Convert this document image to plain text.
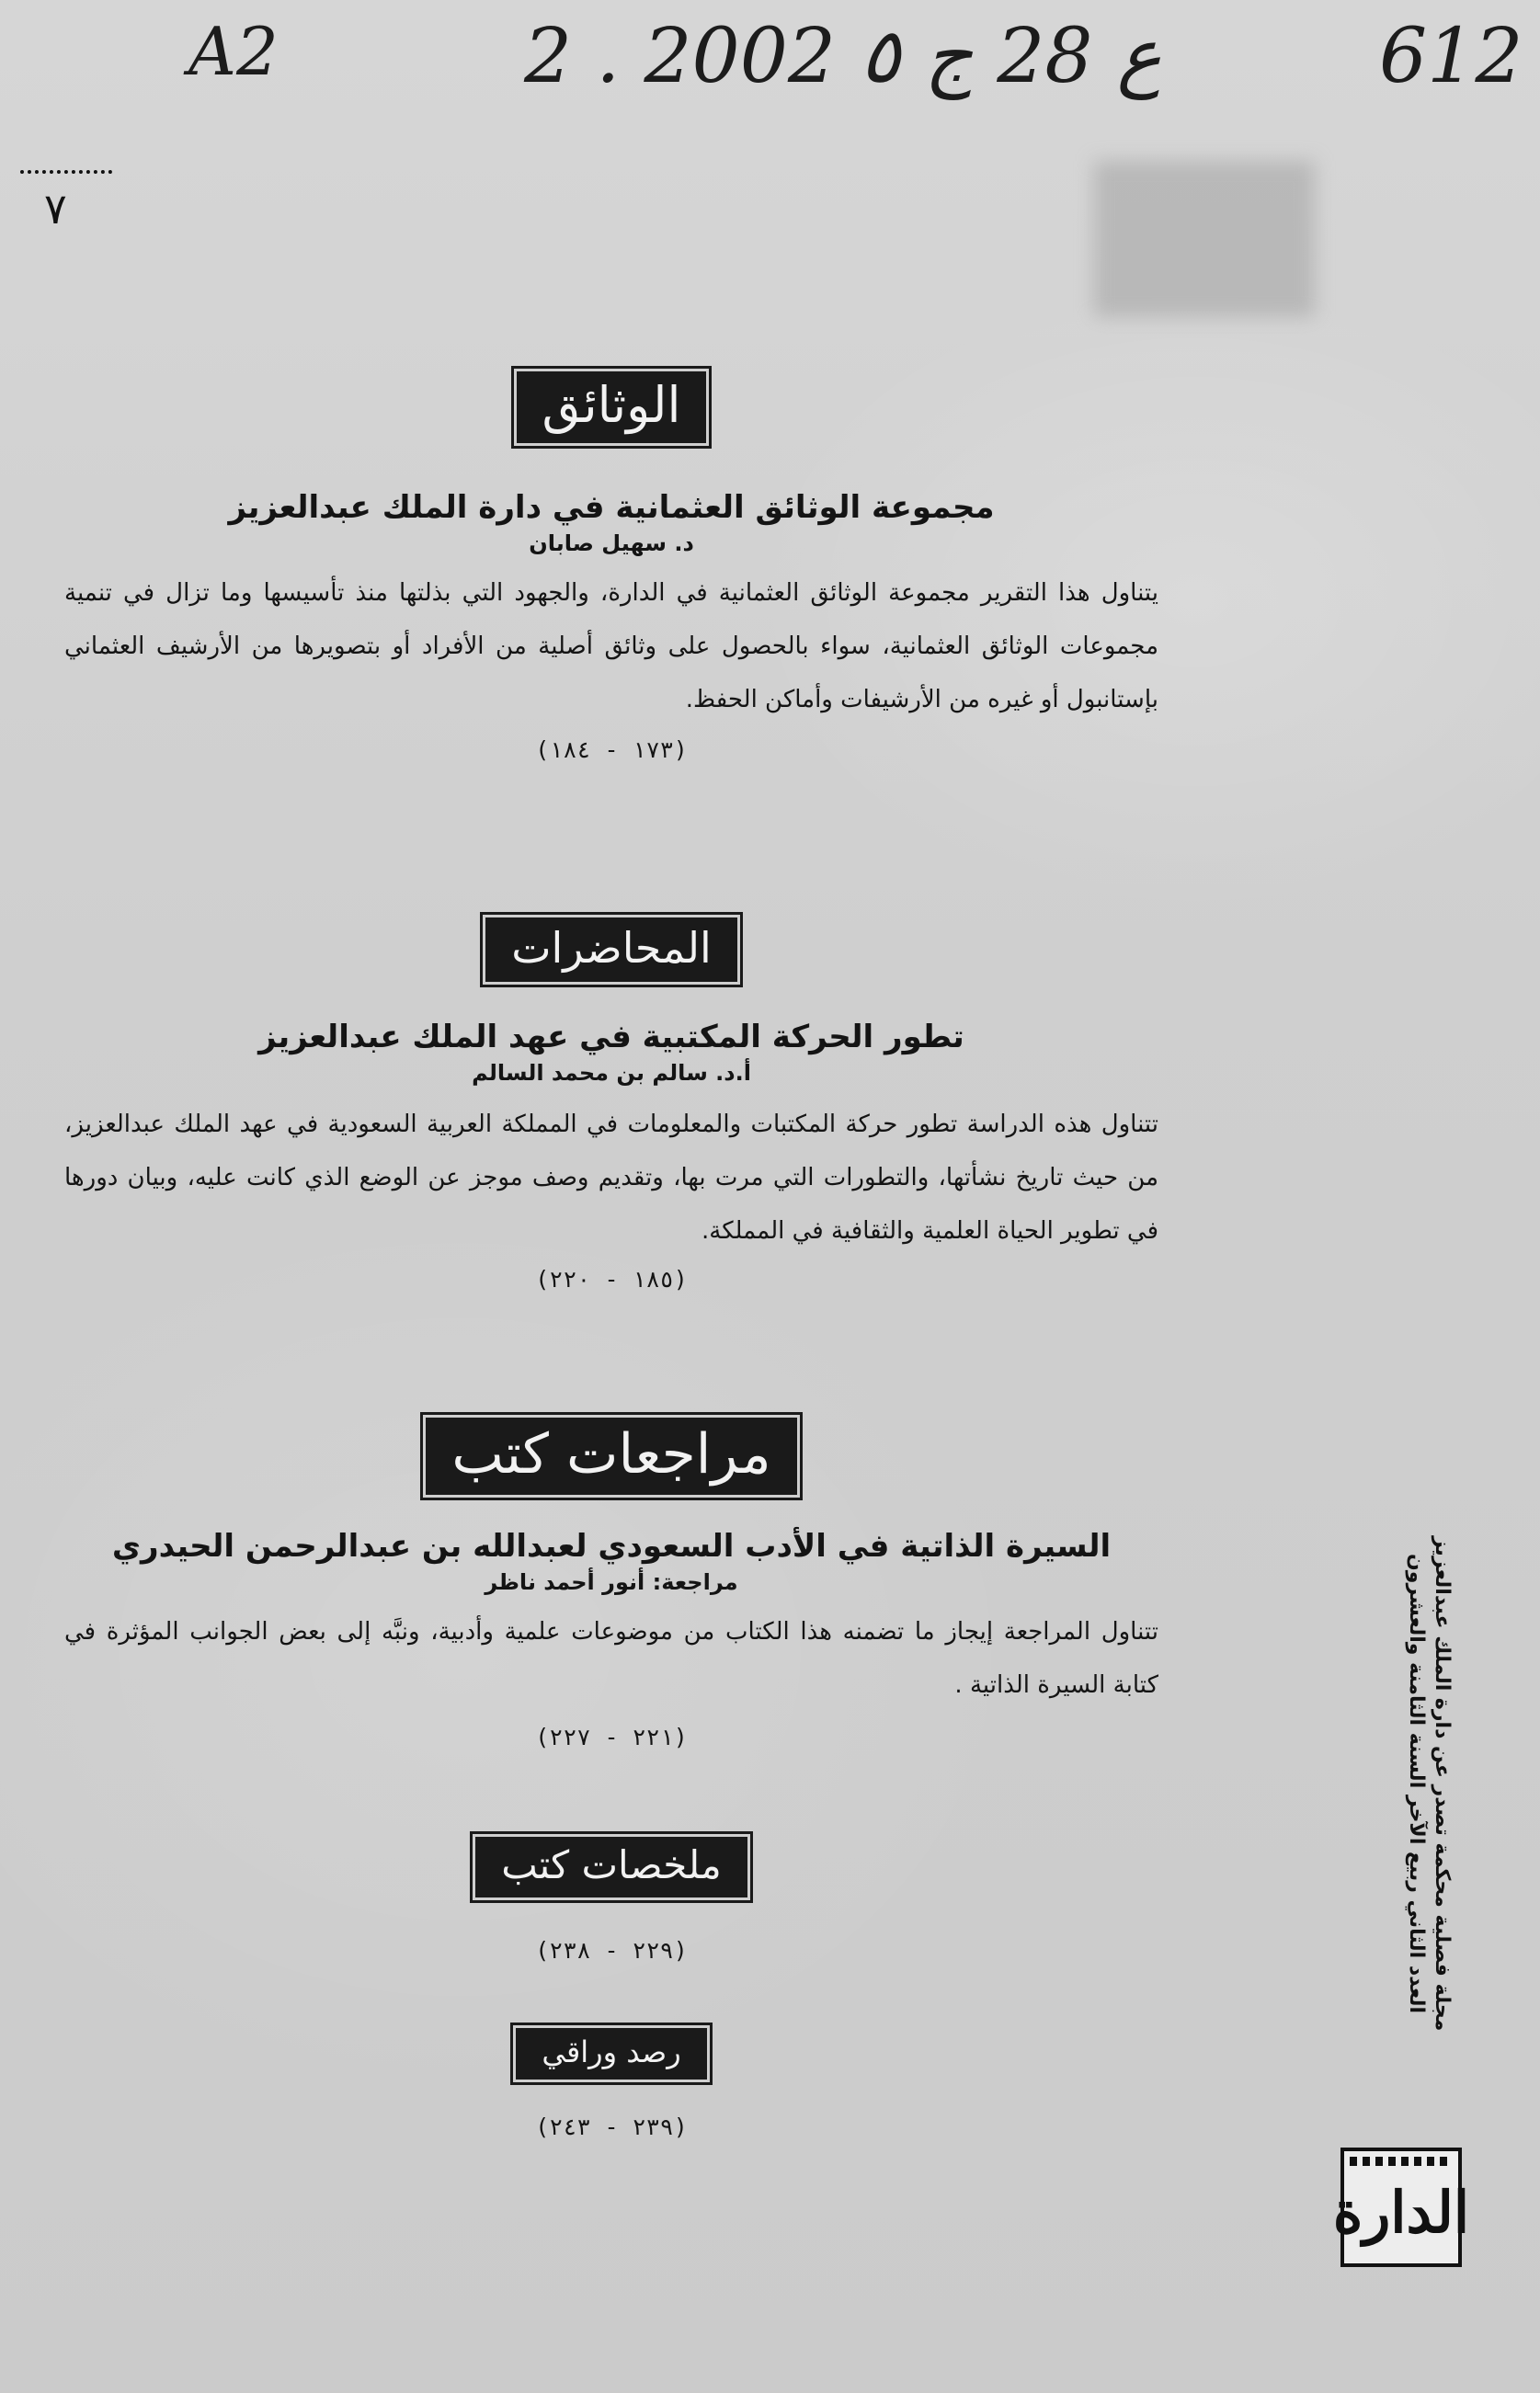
A2	2 . ع 28 ج ٥ 2002	612
٧
الوثائق

مجموعة الوثائق العثمانية في دارة الملك عبدالعزيز

د. سهيل صابان

يتناول هذا التقرير مجموعة الوثائق العثمانية في الدارة، والجهود التي بذلتها منذ تأسيسها وما تزال في تنمية مجموعات الوثائق العثمانية، سواء بالحصول على وثائق أصلية من الأفراد أو بتصويرها من الأرشيف العثماني بإستانبول أو غيره من الأرشيفات وأماكن الحفظ.

(١٧٣ - ١٨٤)

المحاضرات

تطور الحركة المكتبية في عهد الملك عبدالعزيز

أ.د. سالم بن محمد السالم

تتناول هذه الدراسة تطور حركة المكتبات والمعلومات في المملكة العربية السعودية في عهد الملك عبدالعزيز، من حيث تاريخ نشأتها، والتطورات التي مرت بها، وتقديم وصف موجز عن الوضع الذي كانت عليه، وبيان دورها في تطوير الحياة العلمية والثقافية في المملكة.

(١٨٥ - ٢٢٠)

مراجعات كتب

السيرة الذاتية في الأدب السعودي لعبدالله بن عبدالرحمن الحيدري

مراجعة: أنور أحمد ناظر

تتناول المراجعة إيجاز ما تضمنه هذا الكتاب من موضوعات علمية وأدبية، ونبَّه إلى بعض الجوانب المؤثرة في كتابة السيرة الذاتية .

(٢٢١ - ٢٢٧)

ملخصات كتب

(٢٢٩ - ٢٣٨)

رصد وراقي

(٢٣٩ - ٢٤٣)

مجلة فصلية محكمة تصدر عن دارة الملك عبدالعزيز
العدد الثاني ربيع الآخر السنة الثامنة والعشرون
الدارة
